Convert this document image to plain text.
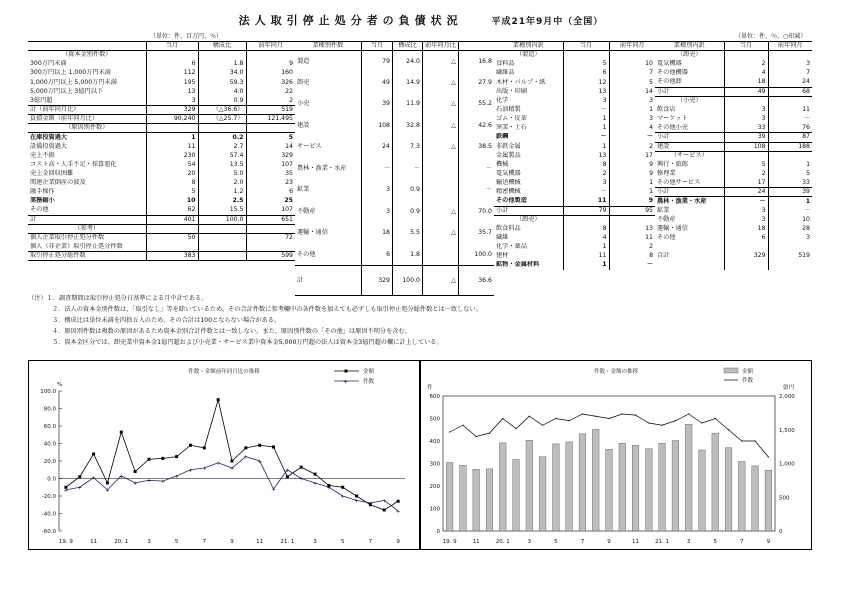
法人取引停止処分者の負債状況	平成21年9月中（全国）
（単位：件、百万円、％）	（単位：件、％、○印減）
	当月	構成比	前年同月
（資本金別件数）			
300万円未満	6	1.8	9
300万円以上 1,000万円未満	112	34.0	160
1,000万円以上 5,000万円未満	195	59.3	326
5,000万円以上 3億円以下	13	4.0	22
3億円超	3	0.9	2
計（前年同月比）	329	（△36.6）	519
負債金額（前年同月比）	90,240	（△25.7）	121,495
（原因別件数）			
在庫投資過大	1	0.2	5
設備投資過大	11	2.7	14
売上不振	230	57.4	329
コスト高・人手不足・採算悪化	54	13.5	107
売上金回収困難	20	5.0	35
関連企業倒産の波及	8	2.0	23
融手操作	5	1.2	6
業務縮小	10	2.5	25
その他	62	15.5	107
計	401	100.0	651
（参考）			
個人企業取引停止処分件数	50		72
個人（非企業）取引停止処分件数			
取引停止処分総件数	383		599
業種別件数	当月	構成比	前年同月比	
製造	79	24.0	△	16.8
卸売	49	14.9	△	27.9
小売	39	11.9	△	55.2
建設	108	32.8	△	42.6
サービス	24	7.3	△	38.5
農林・漁業・水産	－	－		－
鉱業	3	0.9		－
不動産	3	0.9	△	70.0
運輸・通信	18	5.5	△	35.7
その他	6	1.8		100.0
計	329	100.0	△	36.6
業種別内訳	当月	前年同月
（製造）		
食料品	5	10
繊維品	6	7
木材・パルプ・紙	12	5
出版・印刷	13	14
化学	3	3
石油精製	－	1
ゴム・皮革	1	3
窯業・土石	1	4
鉄鋼	－	－
非鉄金属	1	2
金属製品	13	17
機械	8	9
電気機器	2	9
輸送機械	3	1
精密機械	－	1
その他製造	11	9
小計	79	95
（卸売）		
飲食料品	8	13
繊維	4	11
化学・薬品	1	2
建材	11	8
鉱物・金属材料	1	－
業種別内訳	当月	前年同月
（卸売）		
電気機器	2	3
その他機器	4	7
その他卸	18	24
小計	49	68
（小売）		
飲食店	3	11
マーケット	3	－
その他小売	33	76
小計	39	87
建設	108	188
（サービス）		
興行・旅館	5	1
修理業	2	5
その他サービス	17	33
小計	24	39
農林・漁業・水産	－	1
鉱業	3	－
不動産	3	10
運輸・通信	18	28
その他	6	3

合計	329	519

（注）１．調査期間は取引停止処分日基準による月中計である。
２．法人の資本金別件数は、「取引なし」等を除いているため、その合計件数に参考欄中の各件数を加えても必ずしも取引停止処分総件数とは一致しない。
３．構成比は単位未満を四捨五入のため、その合計は100とならない場合がある。
４．原因別件数は複数の原因があるため資本金別合計件数とは一致しない。また、原因別件数の「その他」は原因不明分を含む。
５．資本金区分では、卸売業中資本金1億円超および小売業・サービス業中資本金5,000万円超の法人は資本金3億円超の欄に計上している。
件数・金額前年同月比の推移
%
100.0
80.0
60.0
40.0
20.0
0.0
-20.0
-40.0
-60.0
19. 9	11	20. 1	3	5	7	9	11	21. 1	3	5	7	9
金額
+	件数
+ +
+
+
+
+ + +
+
+ +
+
+
+
+
+
+
+
+
+
+
+ + +
+
件数・金額の推移
件	億円
600
500
400
300
200
100
0
2,000
1,500
1,000
500
0
19. 9	11	20. 1	3	5	7	9	11	21. 1	3	5	7	9
金額
件数
